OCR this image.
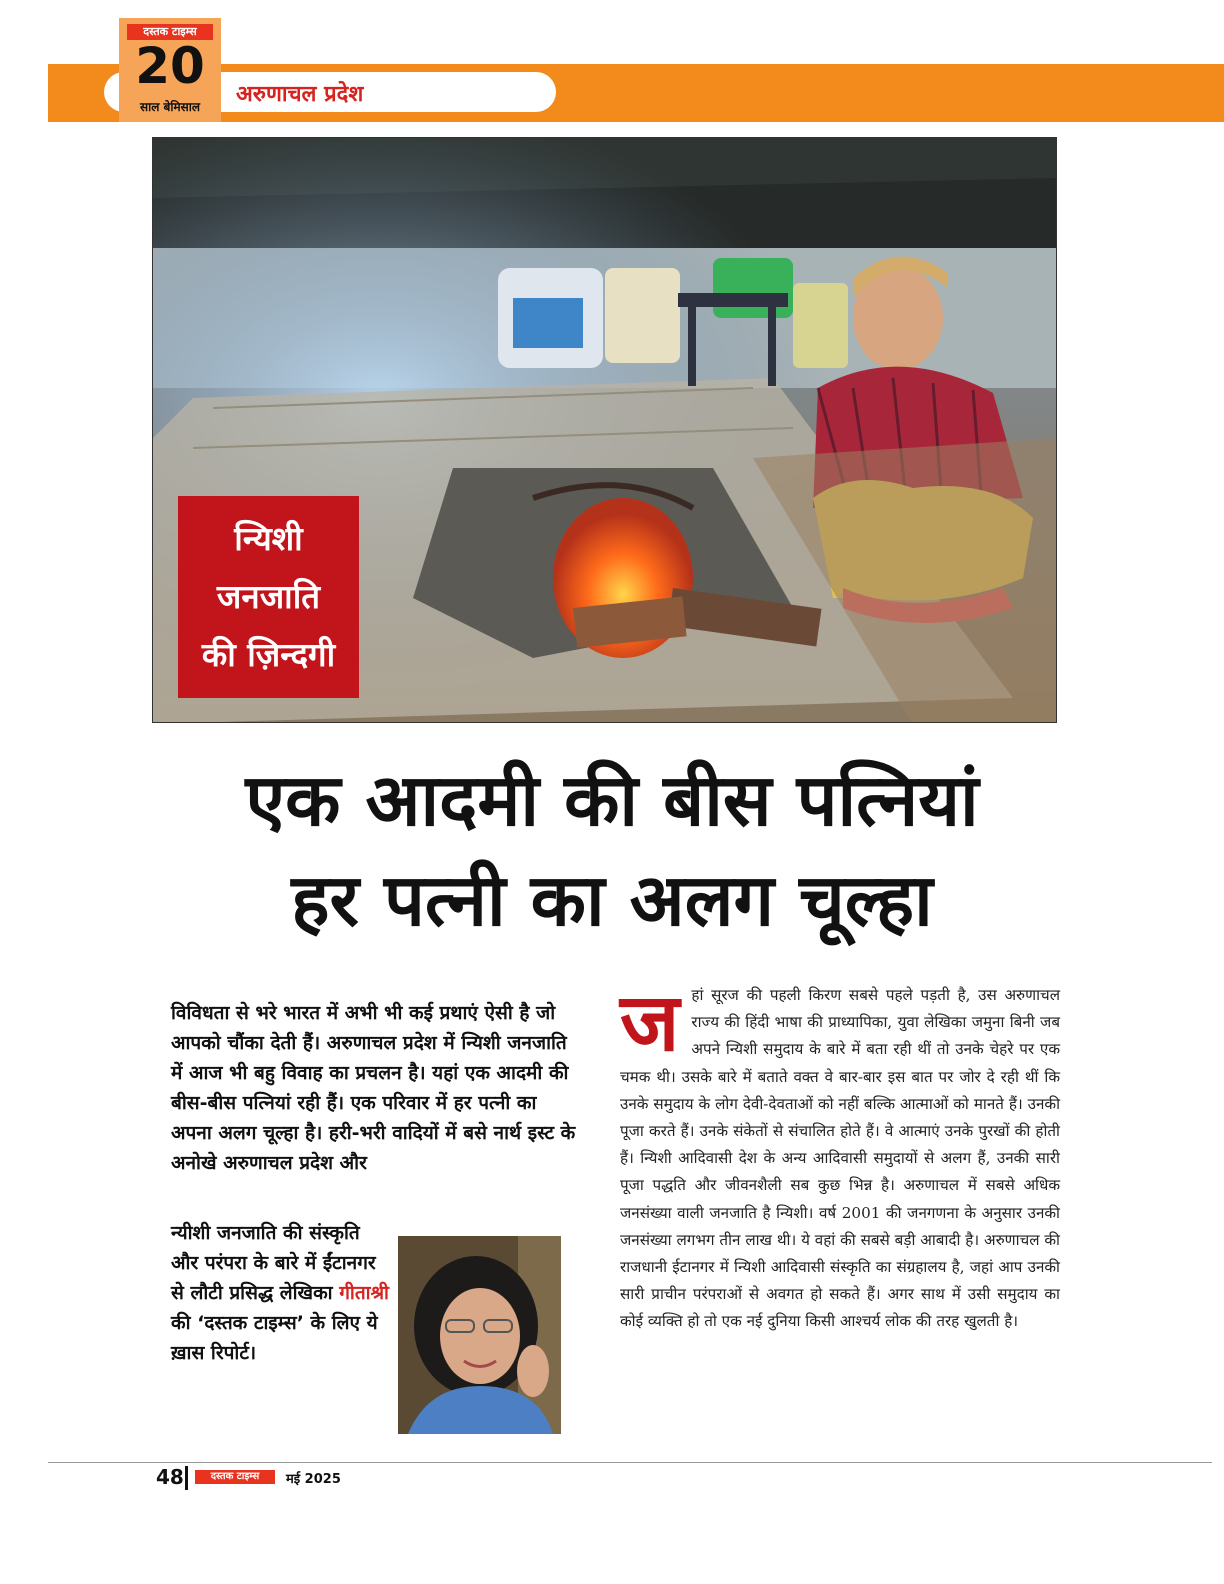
अरुणाचल प्रदेश
दस्तक टाइम्स
20
साल बेमिसाल
न्यिशी
जनजाति
की ज़िन्दगी
एक आदमी की बीस पत्नियां
हर पत्नी का अलग चूल्हा
विविधता से भरे भारत में अभी भी कई प्रथाएं ऐसी है जो आपको चौंका देती हैं। अरुणाचल प्रदेश में न्यिशी जनजाति में आज भी बहु विवाह का प्रचलन है। यहां एक आदमी की बीस-बीस पत्नियां रही हैं। एक परिवार में हर पत्नी का अपना अलग चूल्हा है। हरी-भरी वादियों में बसे नार्थ इस्ट के अनोखे अरुणाचल प्रदेश और
न्यीशी जनजाति की संस्कृति और परंपरा के बारे में ईंटानगर से लौटी प्रसिद्ध लेखिका गीताश्री की ‘दस्तक टाइम्स’ के लिए ये ख़ास रिपोर्ट।
ज हां सूरज की पहली किरण सबसे पहले पड़ती है, उस अरुणाचल राज्य की हिंदी भाषा की प्राध्यापिका, युवा लेखिका जमुना बिनी जब अपने न्यिशी समुदाय के बारे में बता रही थीं तो उनके चेहरे पर एक चमक थी। उसके बारे में बताते वक्त वे बार-बार इस बात पर जोर दे रही थीं कि उनके समुदाय के लोग देवी-देवताओं को नहीं बल्कि आत्माओं को मानते हैं। उनकी पूजा करते हैं। उनके संकेतों से संचालित होते हैं। वे आत्माएं उनके पुरखों की होती हैं। न्यिशी आदिवासी देश के अन्य आदिवासी समुदायों से अलग हैं, उनकी सारी पूजा पद्धति और जीवनशैली सब कुछ भिन्न है। अरुणाचल में सबसे अधिक जनसंख्या वाली जनजाति है न्यिशी। वर्ष 2001 की जनगणना के अनुसार उनकी जनसंख्या लगभग तीन लाख थी। ये वहां की सबसे बड़ी आबादी है। अरुणाचल की राजधानी ईटानगर में न्यिशी आदिवासी संस्कृति का संग्रहालय है, जहां आप उनकी सारी प्राचीन परंपराओं से अवगत हो सकते हैं। अगर साथ में उसी समुदाय का कोई व्यक्ति हो तो एक नई दुनिया किसी आश्चर्य लोक की तरह खुलती है।
48	दस्तक टाइम्स	मई 2025
